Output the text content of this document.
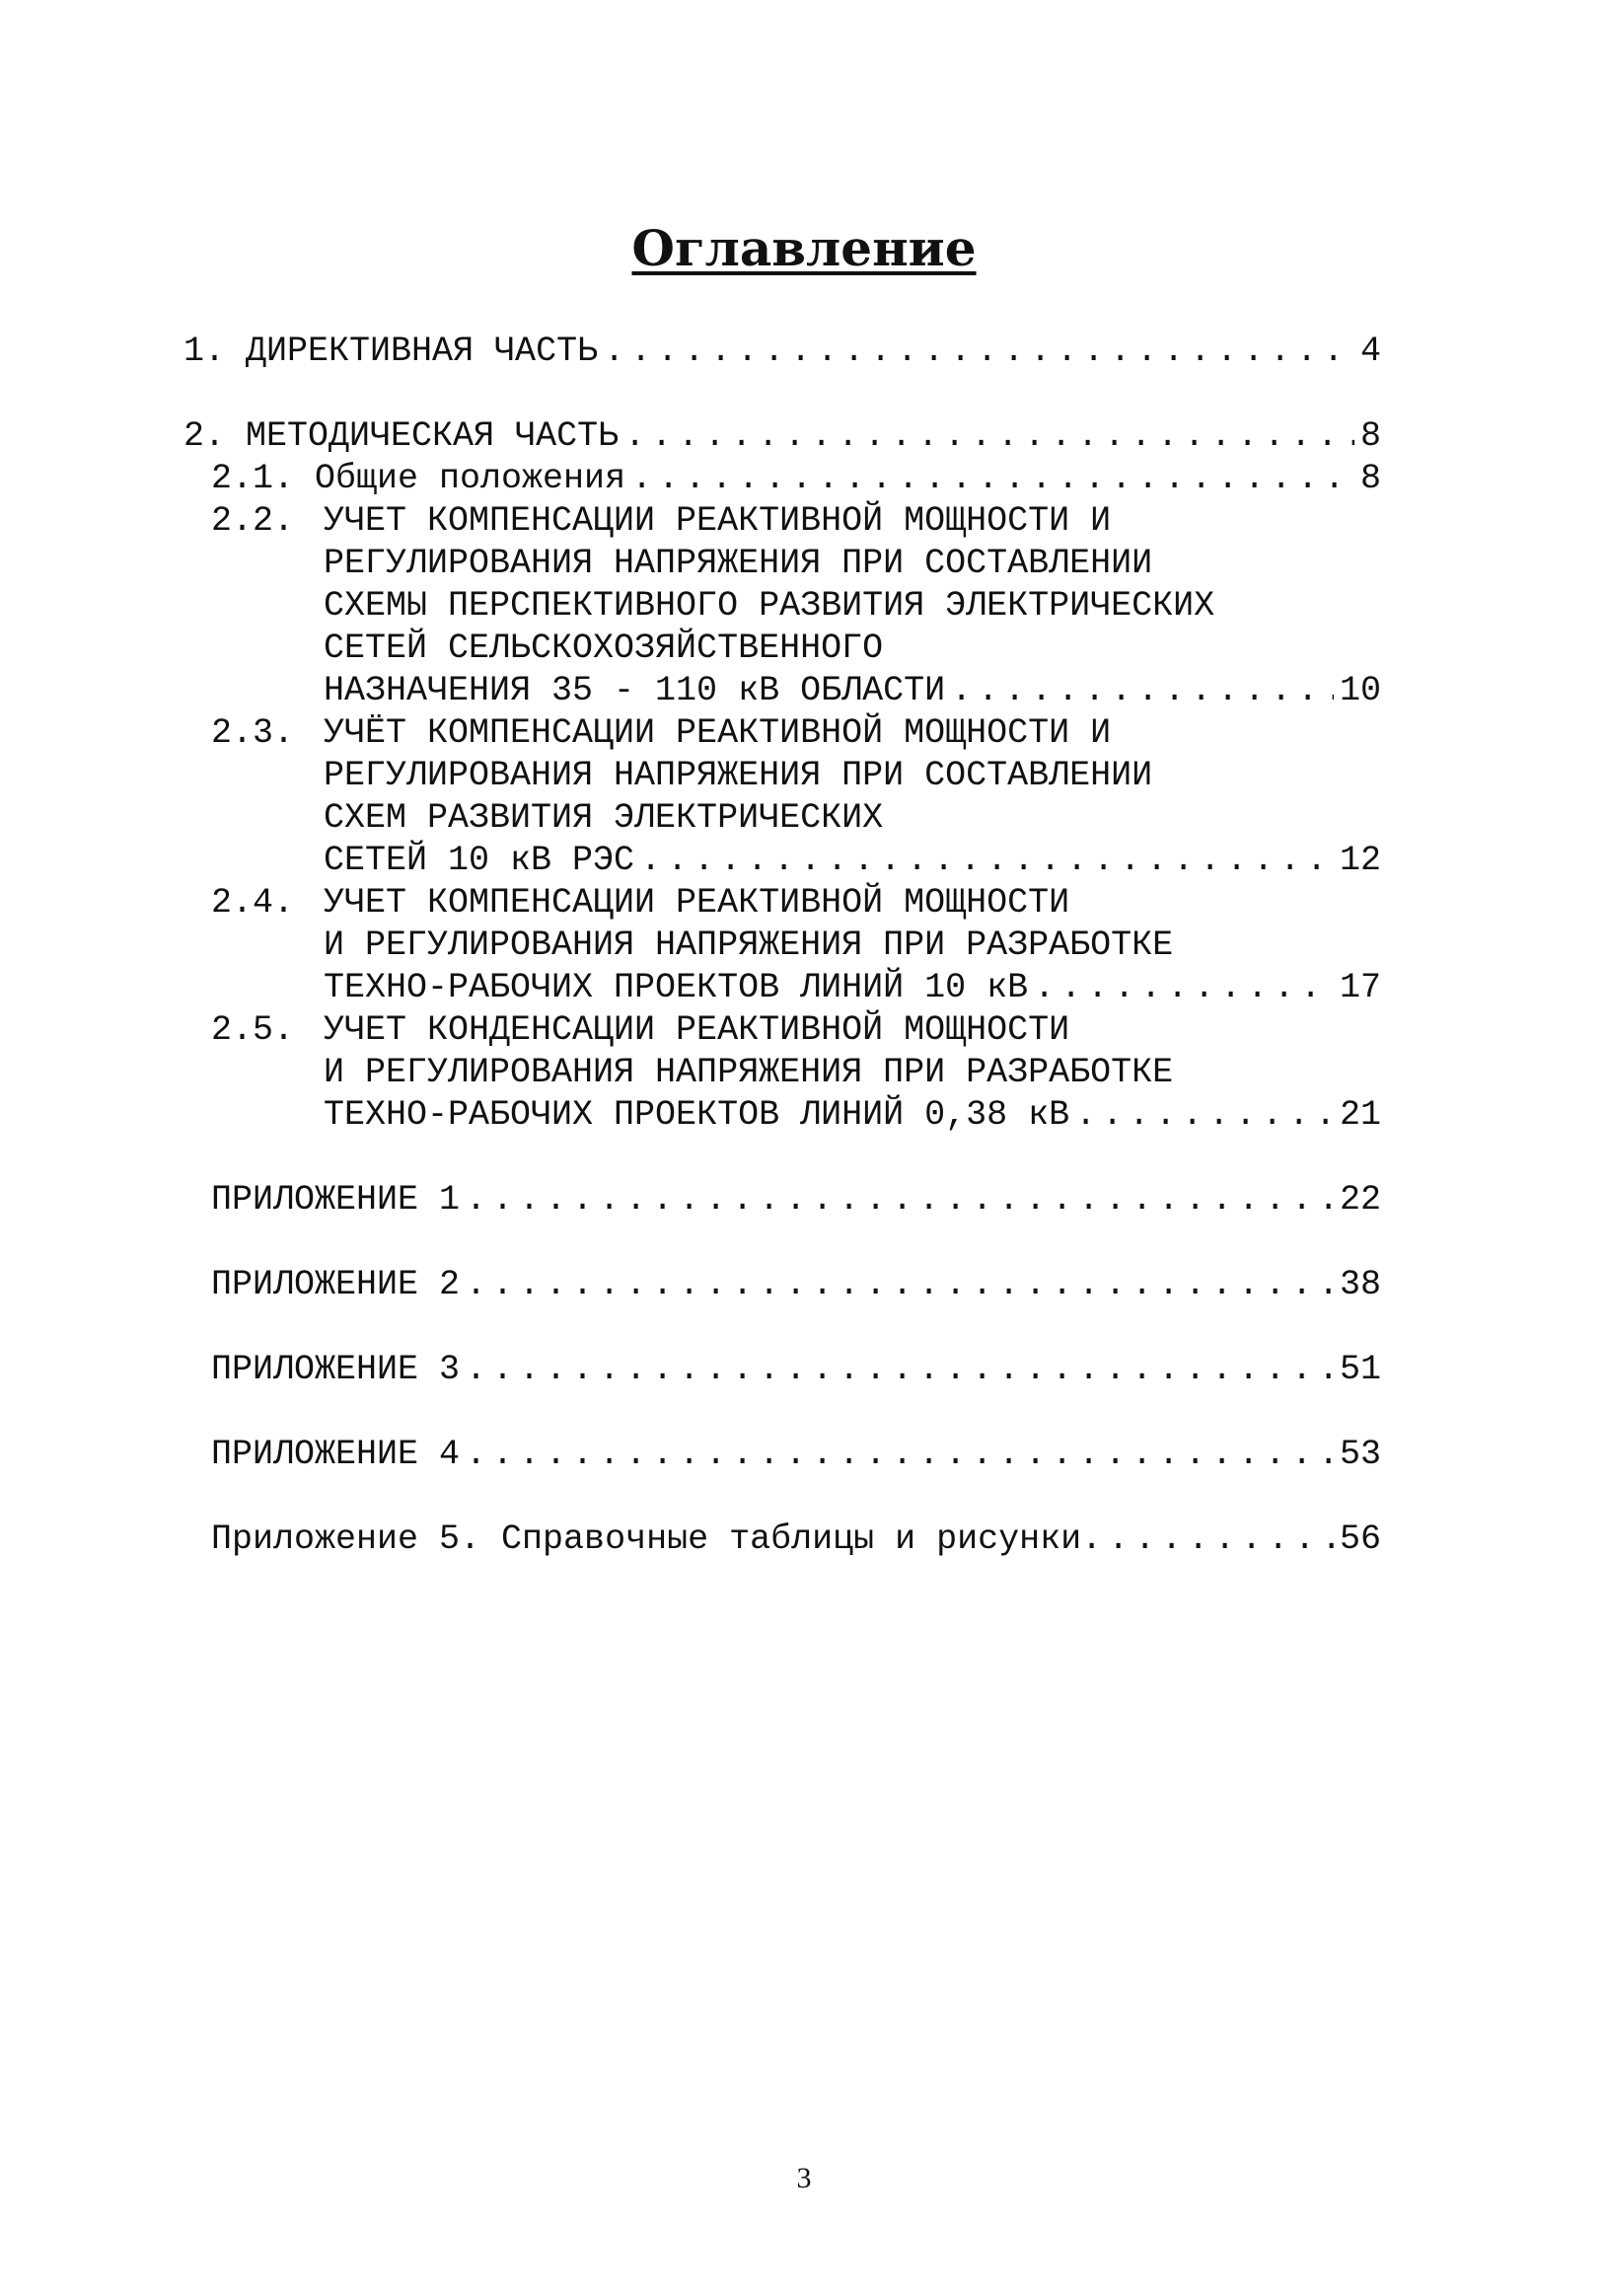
Оглавление
1. ДИРЕКТИВНАЯ ЧАСТЬ .....	4
2. МЕТОДИЧЕСКАЯ ЧАСТЬ .....	8
2.1. Общие положения .....	8
2.2. УЧЕТ КОМПЕНСАЦИИ РЕАКТИВНОЙ МОЩНОСТИ И
РЕГУЛИРОВАНИЯ НАПРЯЖЕНИЯ ПРИ СОСТАВЛЕНИИ
СХЕМЫ ПЕРСПЕКТИВНОГО РАЗВИТИЯ ЭЛЕКТРИЧЕСКИХ
СЕТЕЙ СЕЛЬСКОХОЗЯЙСТВЕННОГО
НАЗНАЧЕНИЯ 35 - 110 кВ ОБЛАСТИ .....	10
2.3. УЧЁТ КОМПЕНСАЦИИ РЕАКТИВНОЙ МОЩНОСТИ И
РЕГУЛИРОВАНИЯ НАПРЯЖЕНИЯ ПРИ СОСТАВЛЕНИИ
СХЕМ РАЗВИТИЯ ЭЛЕКТРИЧЕСКИХ
СЕТЕЙ 10 кВ РЭС .....	12
2.4. УЧЕТ КОМПЕНСАЦИИ РЕАКТИВНОЙ МОЩНОСТИ
И РЕГУЛИРОВАНИЯ НАПРЯЖЕНИЯ ПРИ РАЗРАБОТКЕ
ТЕХНО-РАБОЧИХ ПРОЕКТОВ ЛИНИЙ 10 кВ .....	17
2.5. УЧЕТ КОНДЕНСАЦИИ РЕАКТИВНОЙ МОЩНОСТИ
И РЕГУЛИРОВАНИЯ НАПРЯЖЕНИЯ ПРИ РАЗРАБОТКЕ
ТЕХНО-РАБОЧИХ ПРОЕКТОВ ЛИНИЙ 0,38 кВ .....	21
ПРИЛОЖЕНИЕ 1 .....	22
ПРИЛОЖЕНИЕ 2 .....	38
ПРИЛОЖЕНИЕ 3 .....	51
ПРИЛОЖЕНИЕ 4 .....	53
Приложение 5. Справочные таблицы и рисунки. .....	56
3
